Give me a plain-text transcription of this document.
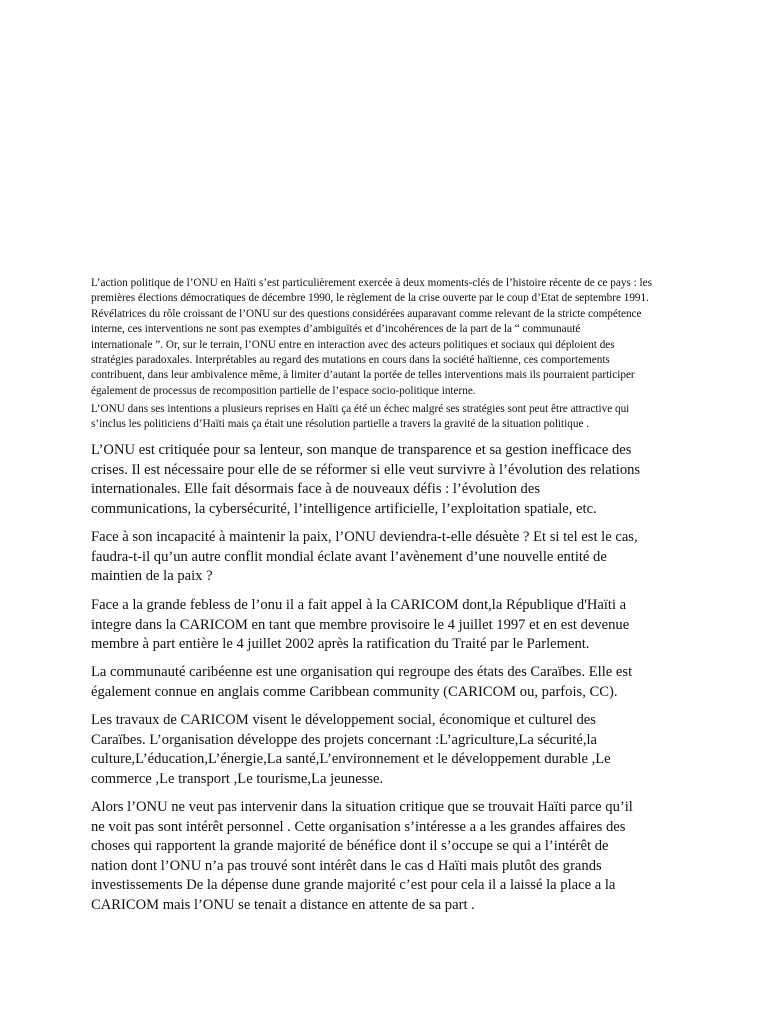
L’action politique de l’ONU en Haïti s’est particulièrement exercée à deux moments-clés de l’histoire récente de ce pays : les
premières élections démocratiques de décembre 1990, le règlement de la crise ouverte par le coup d’Etat de septembre 1991.
Révélatrices du rôle croissant de l’ONU sur des questions considérées auparavant comme relevant de la stricte compétence
interne, ces interventions ne sont pas exemptes d’ambiguïtés et d’incohérences de la part de la “ communauté
internationale ”. Or, sur le terrain, l’ONU entre en interaction avec des acteurs politiques et sociaux qui déploient des
stratégies paradoxales. Interprétables au regard des mutations en cours dans la société haïtienne, ces comportements
contribuent, dans leur ambivalence même, à limiter d’autant la portée de telles interventions mais ils pourraient participer
également de processus de recomposition partielle de l’espace socio-politique interne.

L’ONU dans ses intentions a plusieurs reprises en Haïti ça été un échec malgré ses stratégies sont peut être attractive qui
s’inclus les politiciens d’Haïti mais ça était une résolution partielle a travers la gravité de la situation politique .

L’ONU est critiquée pour sa lenteur, son manque de transparence et sa gestion inefficace des
crises. Il est nécessaire pour elle de se réformer si elle veut survivre à l’évolution des relations
internationales. Elle fait désormais face à de nouveaux défis : l’évolution des
communications, la cybersécurité, l’intelligence artificielle, l’exploitation spatiale, etc.

Face à son incapacité à maintenir la paix, l’ONU deviendra-t-elle désuète ? Et si tel est le cas,
faudra-t-il qu’un autre conflit mondial éclate avant l’avènement d’une nouvelle entité de
maintien de la paix ?

Face a la grande febless de l’onu il a fait appel à la CARICOM dont,la République d'Haïti a
integre dans la CARICOM en tant que membre provisoire le 4 juillet 1997 et en est devenue
membre à part entière le 4 juillet 2002 après la ratification du Traité par le Parlement.

La communauté caribéenne est une organisation qui regroupe des états des Caraïbes. Elle est
également connue en anglais comme Caribbean community (CARICOM ou, parfois, CC).

Les travaux de CARICOM visent le développement social, économique et culturel des
Caraïbes. L’organisation développe des projets concernant :L’agriculture,La sécurité,la
culture,L’éducation,L’énergie,La santé,L’environnement et le développement durable ,Le
commerce ,Le transport ,Le tourisme,La jeunesse.

Alors l’ONU ne veut pas intervenir dans la situation critique que se trouvait Haïti parce qu’il
ne voit pas sont intérêt personnel . Cette organisation s’intéresse a a les grandes affaires des
choses qui rapportent la grande majorité de bénéfice dont il s’occupe se qui a l’intérêt de
nation dont l’ONU n’a pas trouvé sont intérêt dans le cas d Haïti mais plutôt des grands
investissements De la dépense dune grande majorité c’est pour cela il a laissé la place a la
CARICOM mais l’ONU se tenait a distance en attente de sa part .
